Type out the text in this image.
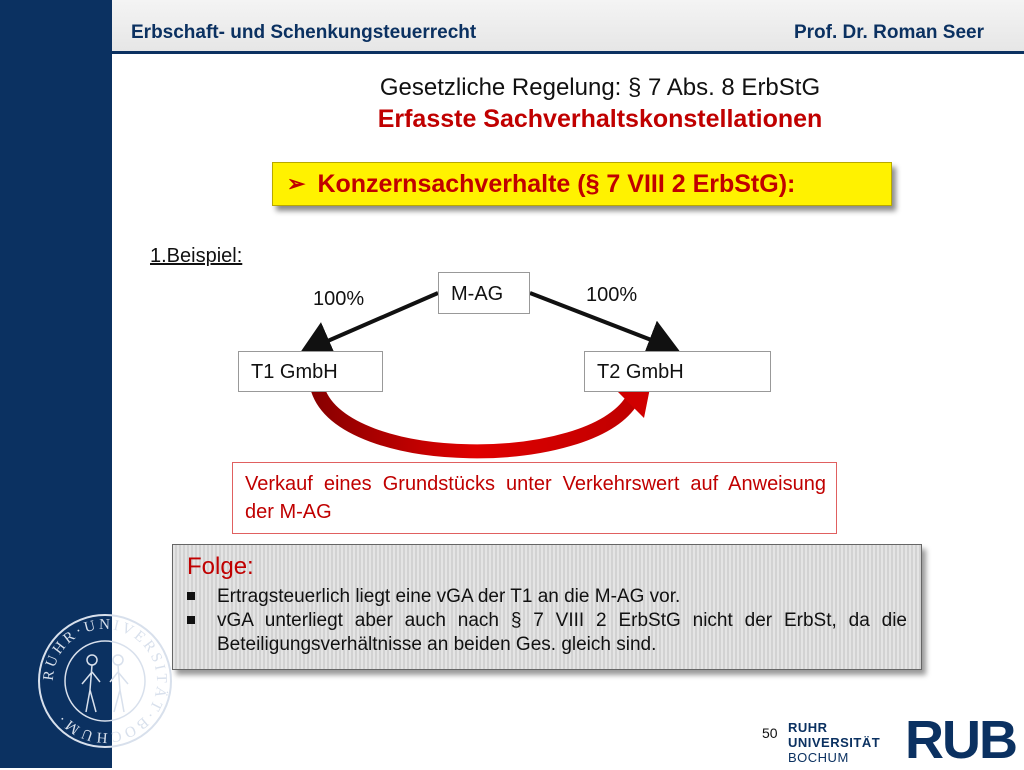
RUHR·UNIVERSITÄT·BOCHUM·
Erbschaft- und Schenkungsteuerrecht	Prof. Dr. Roman Seer
Gesetzliche Regelung: § 7 Abs. 8 ErbStG
Erfasste Sachverhaltskonstellationen
➢ Konzernsachverhalte (§ 7 VIII 2 ErbStG):
1.Beispiel:
M-AG
T1 GmbH	T2 GmbH
100%	100%
Verkauf eines Grundstücks unter Verkehrswert auf Anweisung der M-AG
Folge:
Ertragsteuerlich liegt eine vGA der T1 an die M-AG vor.
vGA unterliegt aber auch nach § 7 VIII 2 ErbStG nicht der ErbSt, da die Beteiligungsverhältnisse an beiden Ges. gleich sind.
50 RUHR
UNIVERSITÄT
BOCHUM	RUB
